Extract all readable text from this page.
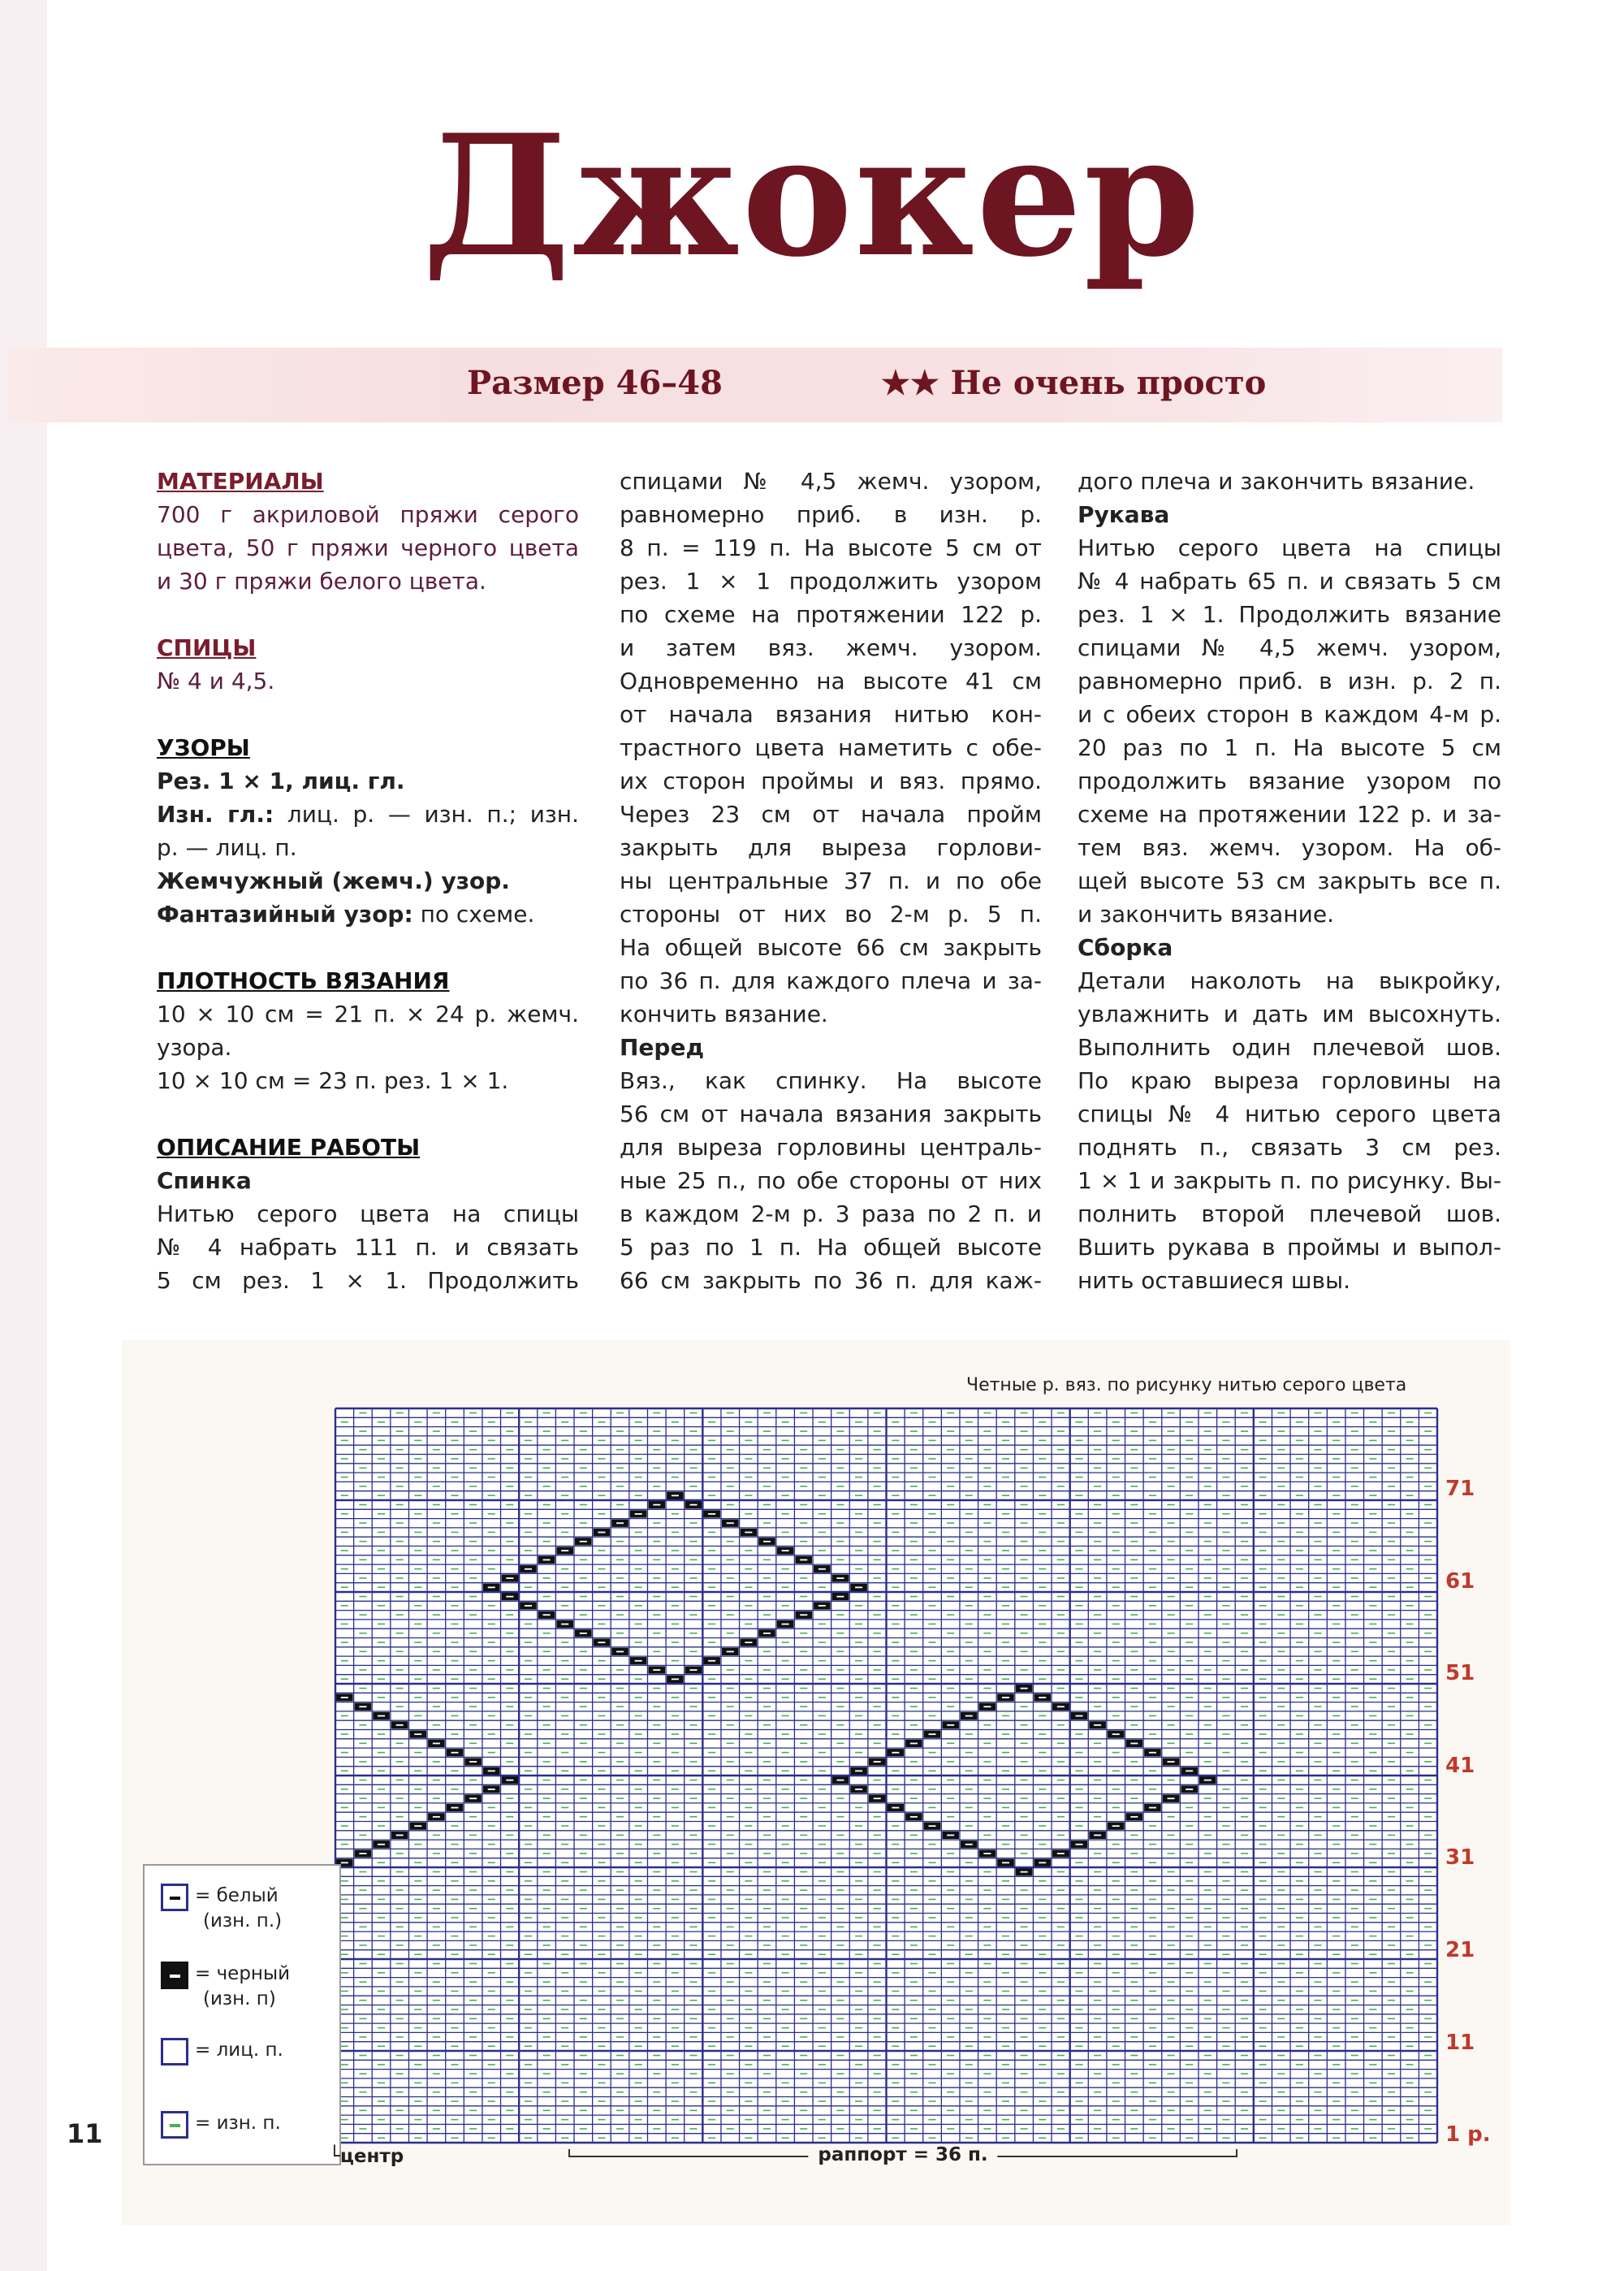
Джокер
Размер 46–48	★★ Не очень просто

МАТЕРИАЛЫ

700 г акриловой пряжи серого

цвета, 50 г пряжи черного цвета

и 30 г пряжи белого цвета.

СПИЦЫ

№ 4 и 4,5.

УЗОРЫ

Рез. 1 × 1, лиц. гл.

Изн. гл.: лиц. р. — изн. п.; изн.

р. — лиц. п.

Жемчужный (жемч.) узор.

Фантазийный узор: по схеме.

ПЛОТНОСТЬ ВЯЗАНИЯ

10 × 10 см = 21 п. × 24 р. жемч.

узора.

10 × 10 см = 23 п. рез. 1 × 1.

ОПИСАНИЕ РАБОТЫ

Спинка

Нитью серого цвета на спицы

№ 4 набрать 111 п. и связать

5 см рез. 1 × 1. Продолжить

спицами № 4,5 жемч. узором,

равномерно приб. в изн. р.

8 п. = 119 п. На высоте 5 см от

рез. 1 × 1 продолжить узором

по схеме на протяжении 122 р.

и затем вяз. жемч. узором.

Одновременно на высоте 41 см

от начала вязания нитью кон-

трастного цвета наметить с обе-

их сторон проймы и вяз. прямо.

Через 23 см от начала пройм

закрыть для выреза горлови-

ны центральные 37 п. и по обе

стороны от них во 2-м р. 5 п.

На общей высоте 66 см закрыть

по 36 п. для каждого плеча и за-

кончить вязание.

Перед

Вяз., как спинку. На высоте

56 см от начала вязания закрыть

для выреза горловины централь-

ные 25 п., по обе стороны от них

в каждом 2-м р. 3 раза по 2 п. и

5 раз по 1 п. На общей высоте

66 см закрыть по 36 п. для каж-

дого плеча и закончить вязание.

Рукава

Нитью серого цвета на спицы

№ 4 набрать 65 п. и связать 5 см

рез. 1 × 1. Продолжить вязание

спицами № 4,5 жемч. узором,

равномерно приб. в изн. р. 2 п.

и с обеих сторон в каждом 4-м р.

20 раз по 1 п. На высоте 5 см

продолжить вязание узором по

схеме на протяжении 122 р. и за-

тем вяз. жемч. узором. На об-

щей высоте 53 см закрыть все п.

и закончить вязание.

Сборка

Детали наколоть на выкройку,

увлажнить и дать им высохнуть.

Выполнить один плечевой шов.

По краю выреза горловины на

спицы № 4 нитью серого цвета

поднять п., связать 3 см рез.

1 × 1 и закрыть п. по рисунку. Вы-

полнить второй плечевой шов.

Вшить рукава в проймы и выпол-

нить оставшиеся швы.

Четные р. вяз. по рисунку нитью серого цвета
71
61
51
41
31
21
11
1 р.
= белый
(изн. п.)
= черный
(изн. п)
= лиц. п.
= изн. п.
11
└центр	раппорт = 36 п.
